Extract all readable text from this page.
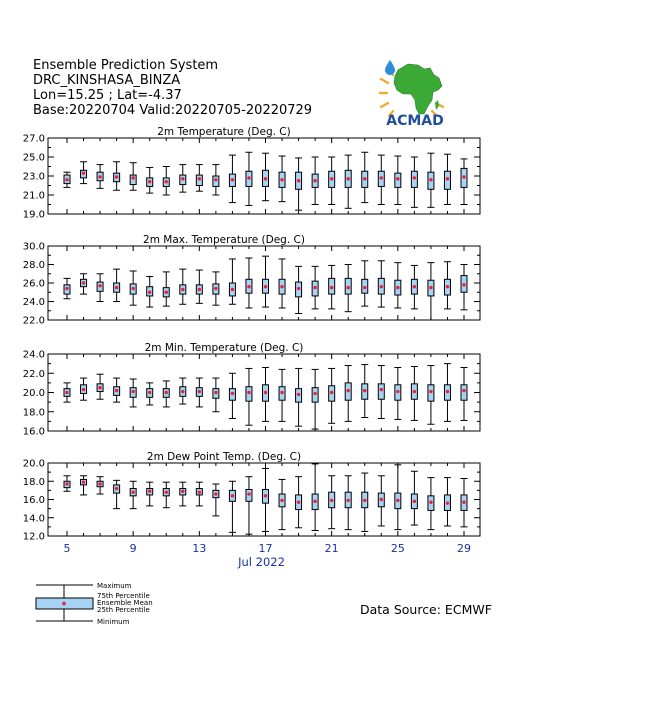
Ensemble Prediction System
DRC_KINSHASA_BINZA
Lon=15.25 ; Lat=-4.37
Base:20220704 Valid:20220705-20220729
ACMAD
2m Temperature (Deg. C)
27.0
25.0
23.0
21.0
19.0
2m Max. Temperature (Deg. C)
30.0
28.0
26.0
24.0
22.0
2m Min. Temperature (Deg. C)
24.0
22.0
20.0
18.0
16.0
2m Dew Point Temp. (Deg. C)
20.0
18.0
16.0
14.0
12.0
5	9	13	17	21	25	29
Jul 2022
Data Source: ECMWF
Maximum
75th Percentile
Ensemble Mean
25th Percentile
Minimum
